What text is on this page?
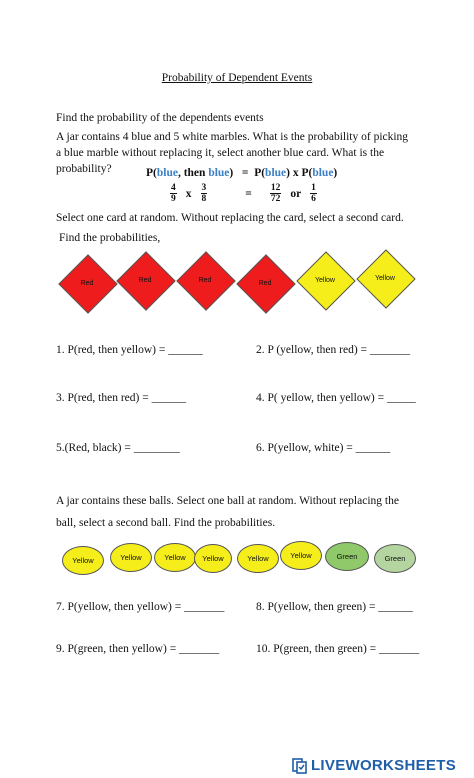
Probability of Dependent Events
Find the probability of the dependents events
A jar contains 4 blue and 5 white marbles. What is the probability of picking a blue marble without replacing it, select another blue card. What is the probability?	P(blue, then blue) = P(blue) x P(blue)
$\frac{4}{9}$ x $\frac{3}{8}$	= $\frac{12}{72}$ or $\frac{1}{6}$
Select one card at random. Without replacing the card, select a second card.
Find the probabilities,
Red	Red	Red	Red	Yellow	Yellow
1. P(red, then yellow) = ______	2. P (yellow, then red) = _______
3. P(red, then red) = ______	4. P( yellow, then yellow) = _____
5.(Red, black) = ________	6. P(yellow, white) = ______
A jar contains these balls. Select one ball at random. Without replacing the ball, select a second ball. Find the probabilities.
Yellow	Yellow	Yellow	Yellow	Yellow	Yellow	Green	Green
7. P(yellow, then yellow) = _______	8. P(yellow, then green) = ______
9. P(green, then yellow) = _______	10. P(green, then green) = _______
LIVEWORKSHEETS
